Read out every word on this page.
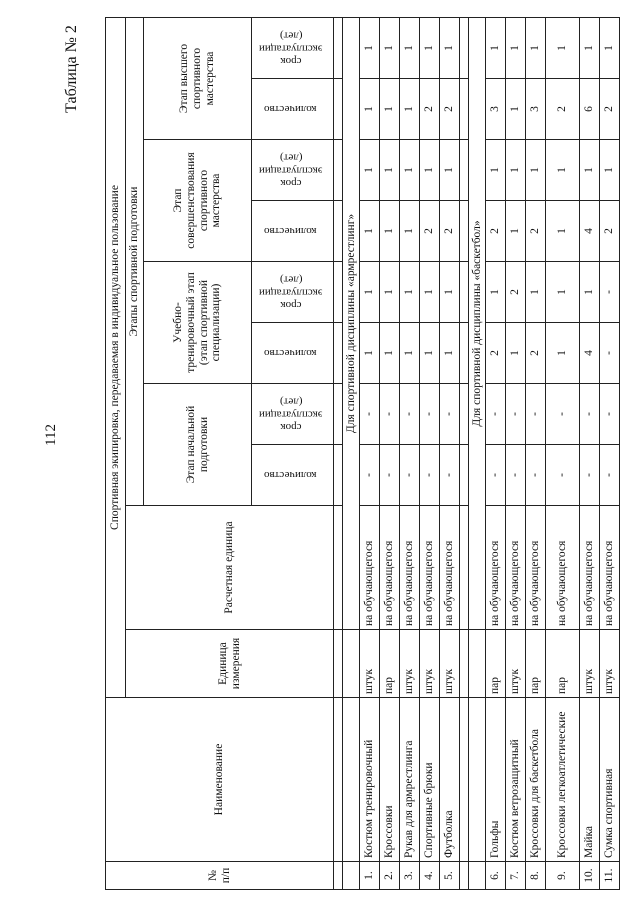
112
Таблица № 2
№ п/п	Наименование	Спортивная экипировка, передаваемая в индивидуальное пользование									
		Единица измерения	Расчетная единица	Этапы спортивной подготовки							
				Этап начальной подготовки		Учебно-тренировочный этап (этап спортивной специализации)		Этап совершенствования спортивного мастерства		Этап высшего спортивного мастерства	
				количество	срок
эксплуатации
(лет)	количество	срок
эксплуатации
(лет)	количество	срок
эксплуатации
(лет)	количество	срок
эксплуатации
(лет)

			Для спортивной дисциплины «армрестлинг»								
1.	Костюм тренировочный	штук	на обучающегося	-	-	1	1	1	1	1	1
2.	Кроссовки	пар	на обучающегося	-	-	1	1	1	1	1	1
3.	Рукав для армрестлинга	штук	на обучающегося	-	-	1	1	1	1	1	1
4.	Спортивные брюки	штук	на обучающегося	-	-	1	1	2	1	2	1
5.	Футболка	штук	на обучающегося	-	-	1	1	2	1	2	1

			Для спортивной дисциплины «баскетбол»								
6.	Гольфы	пар	на обучающегося	-	-	2	1	2	1	3	1
7.	Костюм ветрозащитный	штук	на обучающегося	-	-	1	2	1	1	1	1
8.	Кроссовки для баскетбола	пар	на обучающегося	-	-	2	1	2	1	3	1
9.	Кроссовки легкоатлетические	пар	на обучающегося	-	-	1	1	1	1	2	1
10.	Майка	штук	на обучающегося	-	-	4	1	4	1	6	1
11.	Сумка спортивная	штук	на обучающегося	-	-	-	-	2	1	2	1
